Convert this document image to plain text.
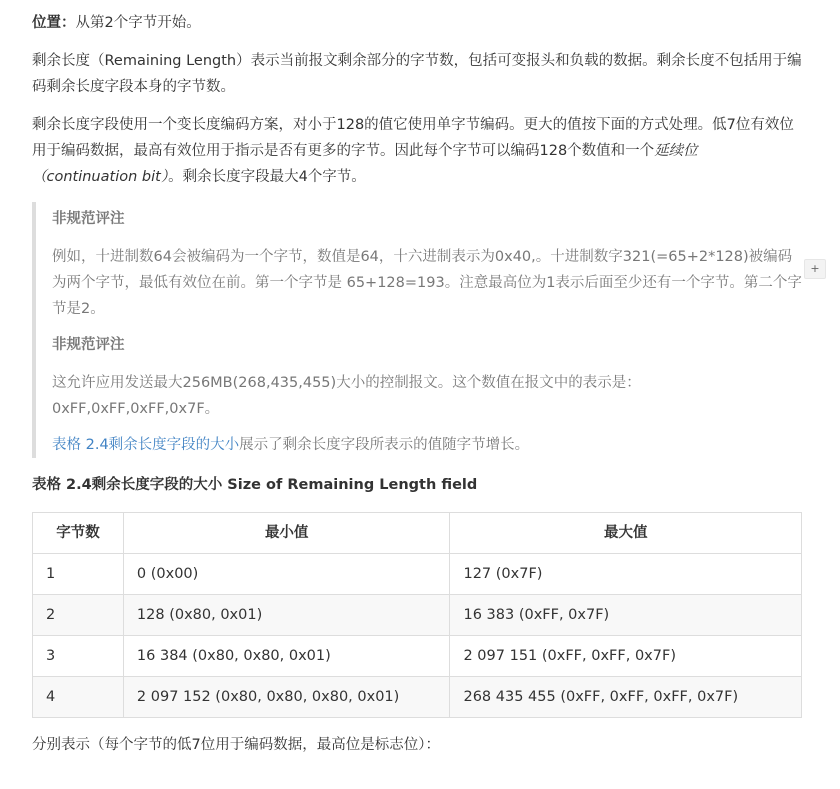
位置：从第2个字节开始。

剩余长度（Remaining Length）表示当前报文剩余部分的字节数，包括可变报头和负载的数据。剩余长度不包括用于编码剩余长度字段本身的字节数。

剩余长度字段使用一个变长度编码方案，对小于128的值它使用单字节编码。更大的值按下面的方式处理。低7位有效位用于编码数据，最高有效位用于指示是否有更多的字节。因此每个字节可以编码128个数值和一个延续位（continuation bit）。剩余长度字段最大4个字节。

非规范评注

例如，十进制数64会被编码为一个字节，数值是64，十六进制表示为0x40,。十进制数字321(=65+2*128)被编码为两个字节，最低有效位在前。第一个字节是 65+128=193。注意最高位为1表示后面至少还有一个字节。第二个字节是2。

非规范评注

这允许应用发送最大256MB(268,435,455)大小的控制报文。这个数值在报文中的表示是：0xFF,0xFF,0xFF,0x7F。

表格 2.4剩余长度字段的大小展示了剩余长度字段所表示的值随字节增长。

表格 2.4剩余长度字段的大小 Size of Remaining Length field
字节数	最小值	最大值
1	0 (0x00)	127 (0x7F)
2	128 (0x80, 0x01)	16 383 (0xFF, 0x7F)
3	16 384 (0x80, 0x80, 0x01)	2 097 151 (0xFF, 0xFF, 0x7F)
4	2 097 152 (0x80, 0x80, 0x80, 0x01)	268 435 455 (0xFF, 0xFF, 0xFF, 0x7F)

分别表示（每个字节的低7位用于编码数据，最高位是标志位）：

+
